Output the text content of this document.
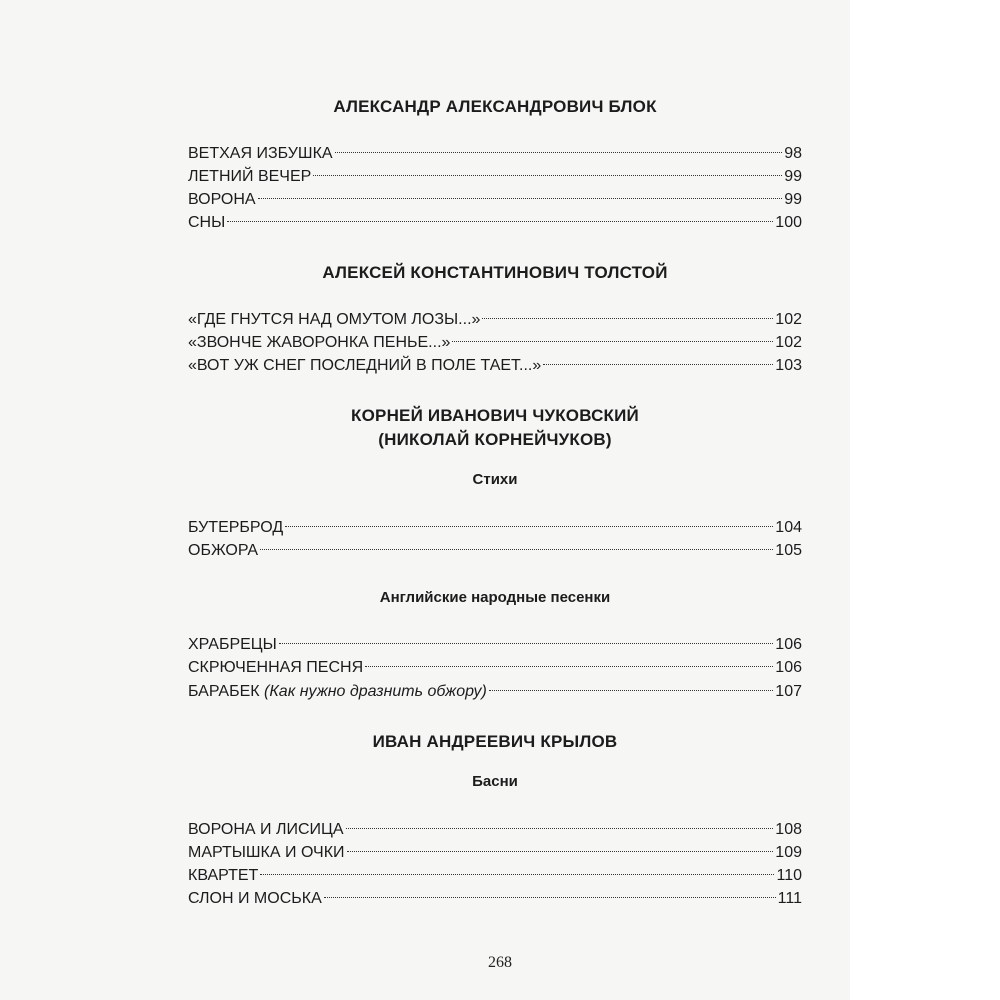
АЛЕКСАНДР АЛЕКСАНДРОВИЧ БЛОК
ВЕТХАЯ ИЗБУШКА	98
ЛЕТНИЙ ВЕЧЕР	99
ВОРОНА	99
СНЫ	100
АЛЕКСЕЙ КОНСТАНТИНОВИЧ ТОЛСТОЙ
«ГДЕ ГНУТСЯ НАД ОМУТОМ ЛОЗЫ...»	102
«ЗВОНЧЕ ЖАВОРОНКА ПЕНЬЕ...»	102
«ВОТ УЖ СНЕГ ПОСЛЕДНИЙ В ПОЛЕ ТАЕТ...»	103
КОРНЕЙ ИВАНОВИЧ ЧУКОВСКИЙ
(НИКОЛАЙ КОРНЕЙЧУКОВ)
Стихи
БУТЕРБРОД	104
ОБЖОРА	105
Английские народные песенки
ХРАБРЕЦЫ	106
СКРЮЧЕННАЯ ПЕСНЯ	106
БАРАБЕК (Как нужно дразнить обжору)	107
ИВАН АНДРЕЕВИЧ КРЫЛОВ
Басни
ВОРОНА И ЛИСИЦА	108
МАРТЫШКА И ОЧКИ	109
КВАРТЕТ	110
СЛОН И МОСЬКА	111
268
